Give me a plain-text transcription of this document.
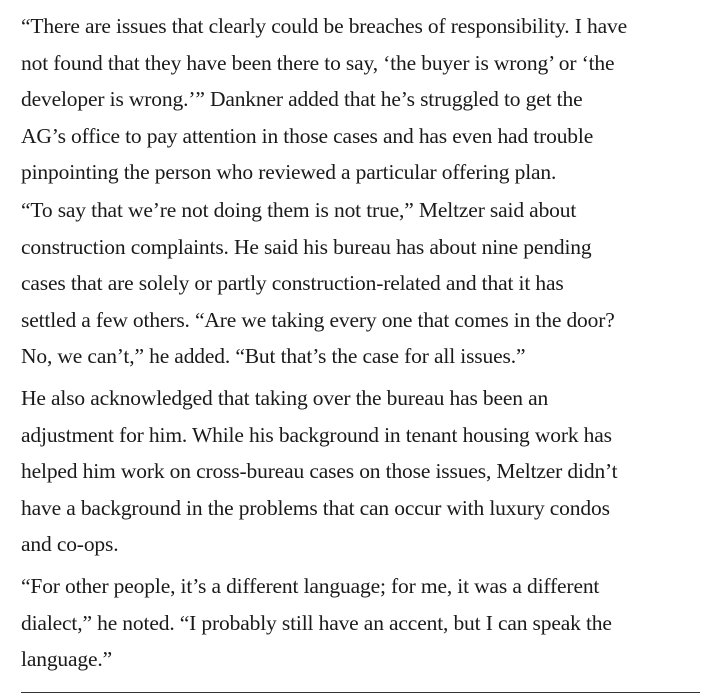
“There are issues that clearly could be breaches of responsibility. I have
not found that they have been there to say, ‘the buyer is wrong’ or ‘the
developer is wrong.’” Dankner added that he’s struggled to get the
AG’s office to pay attention in those cases and has even had trouble
pinpointing the person who reviewed a particular offering plan.

“To say that we’re not doing them is not true,” Meltzer said about
construction complaints. He said his bureau has about nine pending
cases that are solely or partly construction-related and that it has
settled a few others. “Are we taking every one that comes in the door?
No, we can’t,” he added. “But that’s the case for all issues.”

He also acknowledged that taking over the bureau has been an
adjustment for him. While his background in tenant housing work has
helped him work on cross-bureau cases on those issues, Meltzer didn’t
have a background in the problems that can occur with luxury condos
and co-ops.

“For other people, it’s a different language; for me, it was a different
dialect,” he noted. “I probably still have an accent, but I can speak the
language.”
